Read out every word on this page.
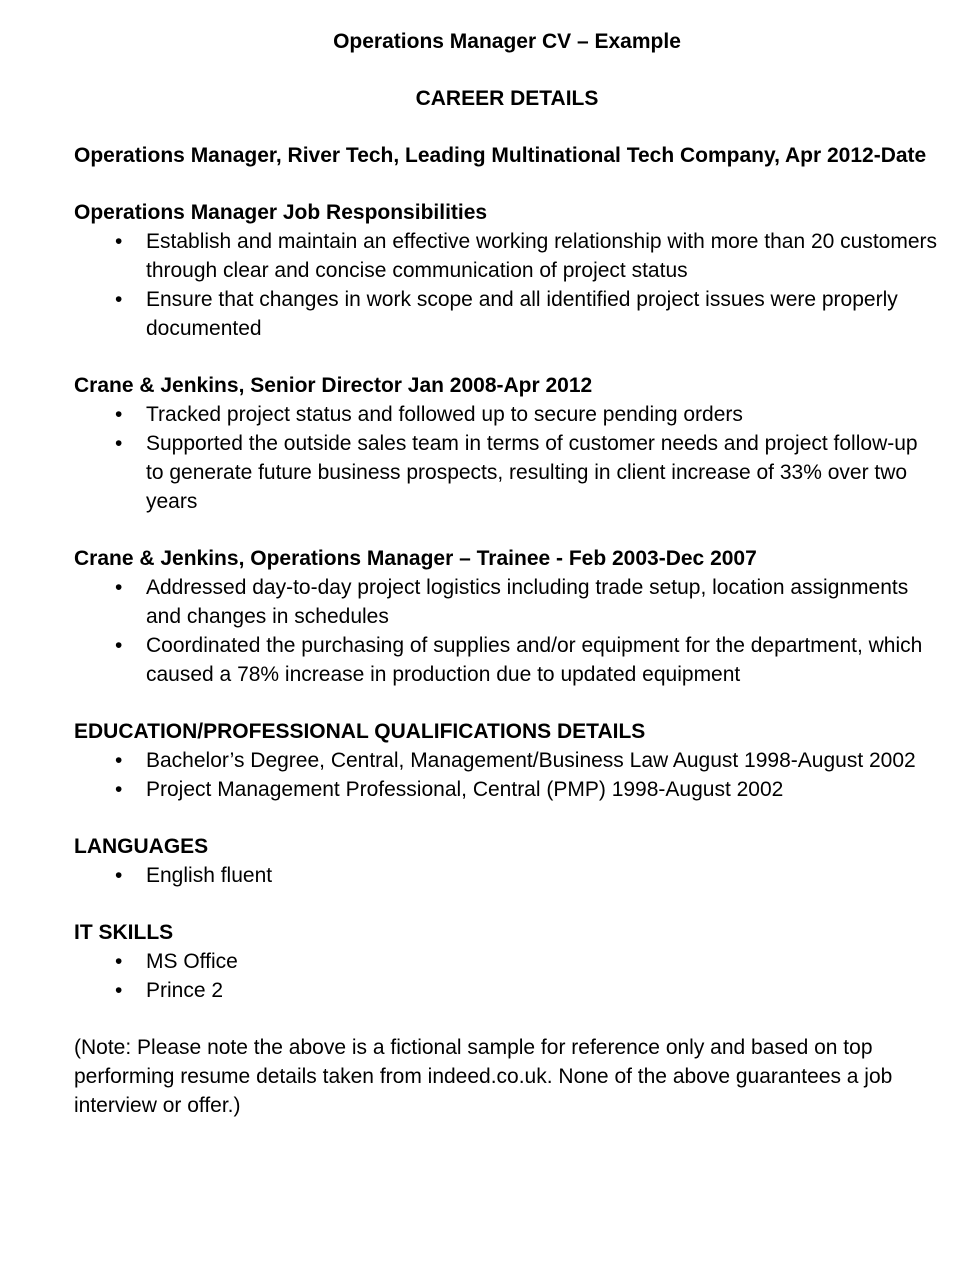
Operations Manager CV – Example
CAREER DETAILS

Operations Manager, River Tech, Leading Multinational Tech Company, Apr 2012-Date

Operations Manager Job Responsibilities
• Establish and maintain an effective working relationship with more than 20 customers through clear and concise communication of project status
• Ensure that changes in work scope and all identified project issues were properly documented
Crane & Jenkins, Senior Director Jan 2008-Apr 2012
• Tracked project status and followed up to secure pending orders
• Supported the outside sales team in terms of customer needs and project follow-up to generate future business prospects, resulting in client increase of 33% over two years
Crane & Jenkins, Operations Manager – Trainee - Feb 2003-Dec 2007
• Addressed day-to-day project logistics including trade setup, location assignments and changes in schedules
• Coordinated the purchasing of supplies and/or equipment for the department, which caused a 78% increase in production due to updated equipment
EDUCATION/PROFESSIONAL QUALIFICATIONS DETAILS
• Bachelor’s Degree, Central, Management/Business Law August 1998-August 2002
• Project Management Professional, Central (PMP) 1998-August 2002
LANGUAGES
• English fluent
IT SKILLS
• MS Office
• Prince 2

(Note: Please note the above is a fictional sample for reference only and based on top performing resume details taken from indeed.co.uk. None of the above guarantees a job interview or offer.)
